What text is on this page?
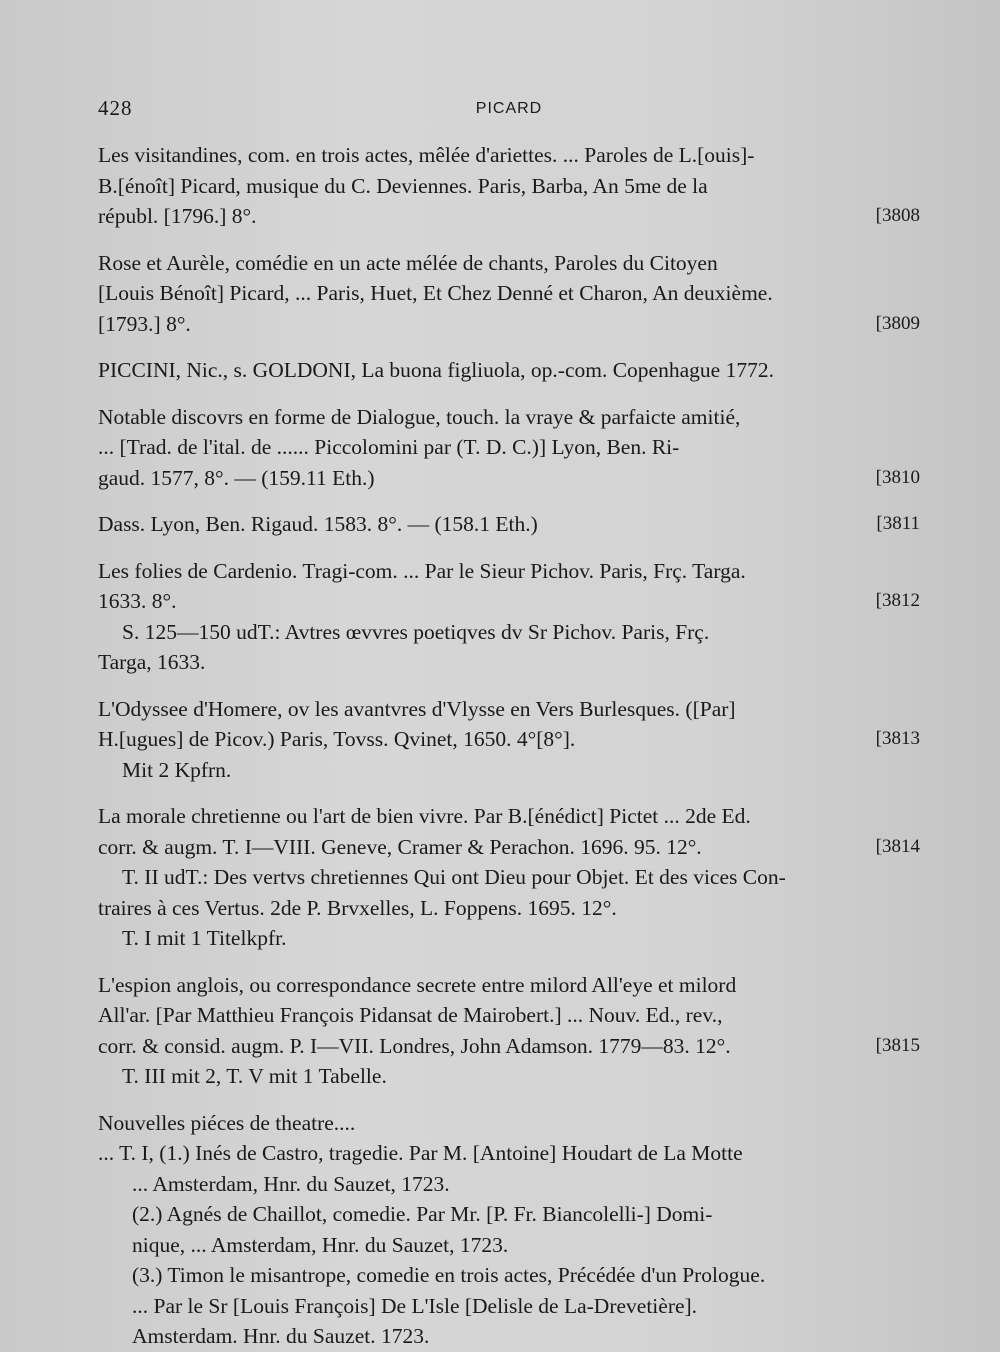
428	PICARD
Les visitandines, com. en trois actes, mêlée d'ariettes. ... Paroles de L.[ouis]-
B.[énoît] Picard, musique du C. Deviennes. Paris, Barba, An 5me de la
républ. [1796.] 8°.	[3808
Rose et Aurèle, comédie en un acte mélée de chants, Paroles du Citoyen
[Louis Bénoît] Picard, ... Paris, Huet, Et Chez Denné et Charon, An deuxième.
[1793.] 8°.	[3809
PICCINI, Nic., s. GOLDONI, La buona figliuola, op.-com. Copenhague 1772.
Notable discovrs en forme de Dialogue, touch. la vraye & parfaicte amitié,
... [Trad. de l'ital. de ...... Piccolomini par (T. D. C.)] Lyon, Ben. Ri-
gaud. 1577, 8°. — (159.11 Eth.)	[3810
Dass. Lyon, Ben. Rigaud. 1583. 8°. — (158.1 Eth.)	[3811
Les folies de Cardenio. Tragi-com. ... Par le Sieur Pichov. Paris, Frç. Targa.
1633. 8°.	[3812
S. 125—150 udT.: Avtres œvvres poetiqves dv Sr Pichov. Paris, Frç.
Targa, 1633.
L'Odyssee d'Homere, ov les avantvres d'Vlysse en Vers Burlesques. ([Par]
H.[ugues] de Picov.) Paris, Tovss. Qvinet, 1650. 4°[8°].	[3813
Mit 2 Kpfrn.
La morale chretienne ou l'art de bien vivre. Par B.[énédict] Pictet ... 2de Ed.
corr. & augm. T. I—VIII. Geneve, Cramer & Perachon. 1696. 95. 12°.	[3814
T. II udT.: Des vertvs chretiennes Qui ont Dieu pour Objet. Et des vices Con-
traires à ces Vertus. 2de P. Brvxelles, L. Foppens. 1695. 12°.
T. I mit 1 Titelkpfr.
L'espion anglois, ou correspondance secrete entre milord All'eye et milord
All'ar. [Par Matthieu François Pidansat de Mairobert.] ... Nouv. Ed., rev.,
corr. & consid. augm. P. I—VII. Londres, John Adamson. 1779—83. 12°.	[3815
T. III mit 2, T. V mit 1 Tabelle.
Nouvelles piéces de theatre....
... T. I, (1.) Inés de Castro, tragedie. Par M. [Antoine] Houdart de La Motte
... Amsterdam, Hnr. du Sauzet, 1723.
(2.) Agnés de Chaillot, comedie. Par Mr. [P. Fr. Biancolelli-] Domi-
nique, ... Amsterdam, Hnr. du Sauzet, 1723.
(3.) Timon le misantrope, comedie en trois actes, Précédée d'un Prologue.
... Par le Sr [Louis François] De L'Isle [Delisle de La-Drevetière].
Amsterdam. Hnr. du Sauzet. 1723.
